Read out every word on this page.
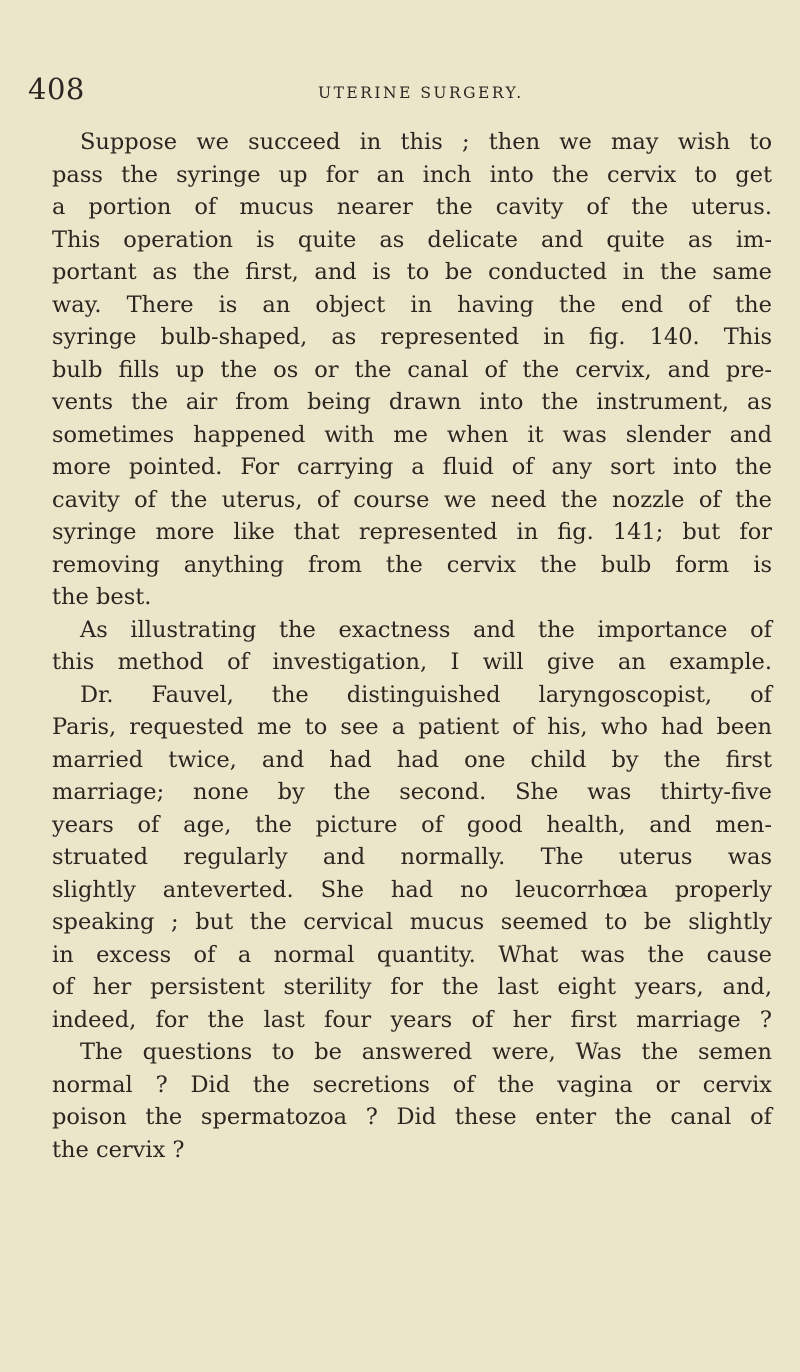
408	UTERINE SURGERY.
Suppose we succeed in this ; then we may wish to
pass the syringe up for an inch into the cervix to get
a portion of mucus nearer the cavity of the uterus.
This operation is quite as delicate and quite as im-
portant as the first, and is to be conducted in the same
way. There is an object in having the end of the
syringe bulb-shaped, as represented in fig. 140. This
bulb fills up the os or the canal of the cervix, and pre-
vents the air from being drawn into the instrument, as
sometimes happened with me when it was slender and
more pointed. For carrying a fluid of any sort into the
cavity of the uterus, of course we need the nozzle of the
syringe more like that represented in fig. 141; but for
removing anything from the cervix the bulb form is
the best.
As illustrating the exactness and the importance of
this method of investigation, I will give an example.
Dr. Fauvel, the distinguished laryngoscopist, of
Paris, requested me to see a patient of his, who had been
married twice, and had had one child by the first
marriage; none by the second. She was thirty-five
years of age, the picture of good health, and men-
struated regularly and normally. The uterus was
slightly anteverted. She had no leucorrhœa properly
speaking ; but the cervical mucus seemed to be slightly
in excess of a normal quantity. What was the cause
of her persistent sterility for the last eight years, and,
indeed, for the last four years of her first marriage ?
The questions to be answered were, Was the semen
normal ? Did the secretions of the vagina or cervix
poison the spermatozoa ? Did these enter the canal of
the cervix ?
